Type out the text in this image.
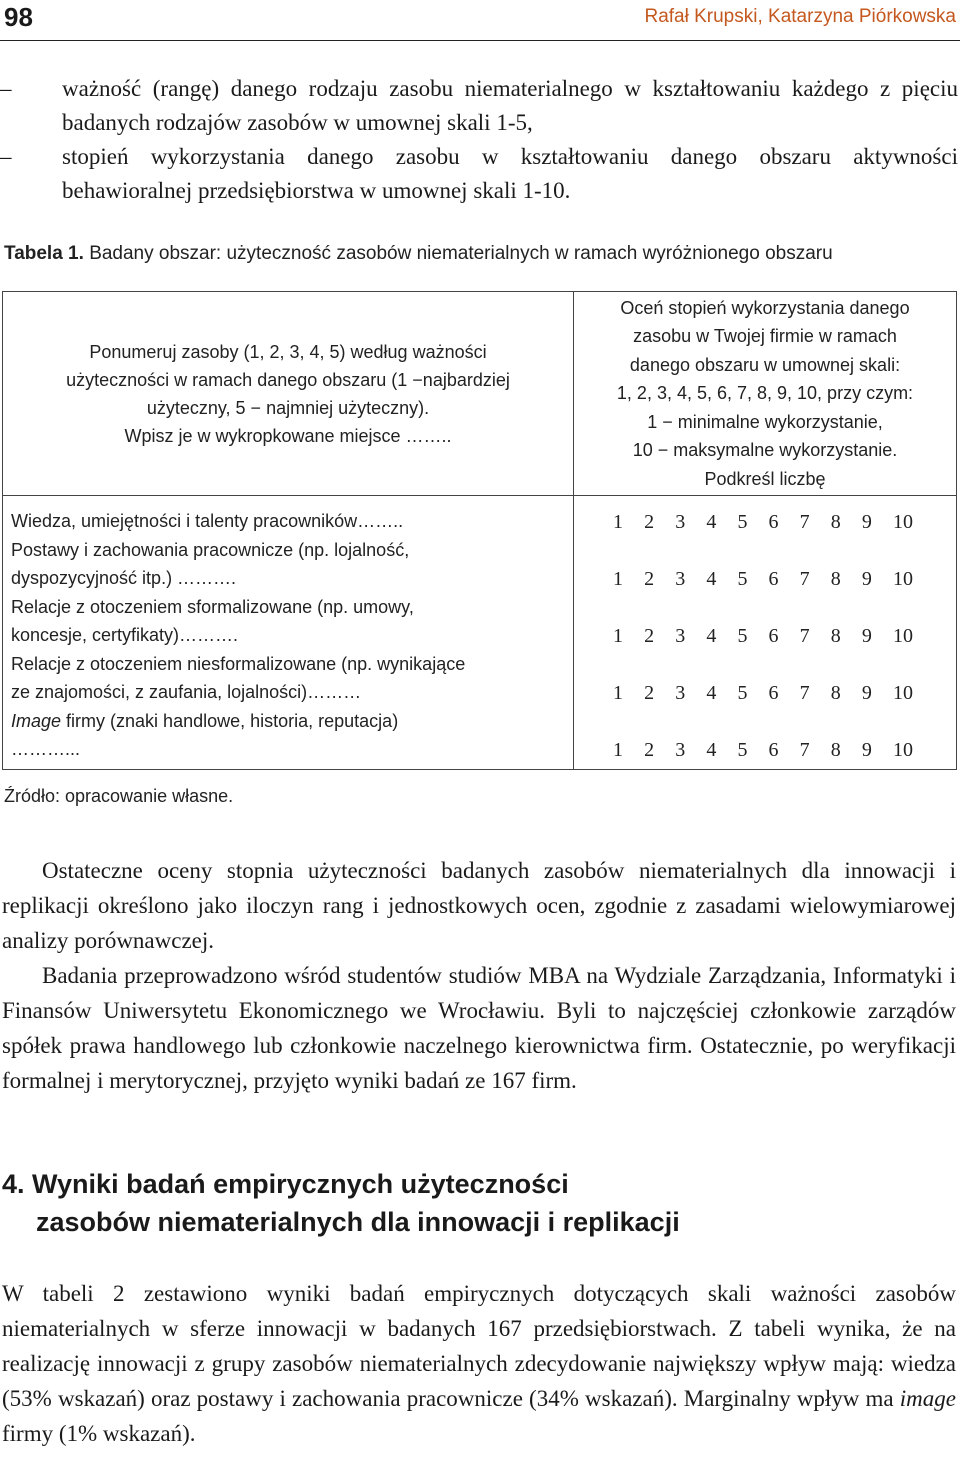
98	Rafał Krupski, Katarzyna Piórkowska

– ważność (rangę) danego rodzaju zasobu niematerialnego w kształtowaniu każdego z pięciu badanych rodzajów zasobów w umownej skali 1-5,

– stopień wykorzystania danego zasobu w kształtowaniu danego obszaru aktywności behawioralnej przedsiębiorstwa w umownej skali 1-10.

Tabela 1. Badany obszar: użyteczność zasobów niematerialnych w ramach wyróżnionego obszaru
Ponumeruj zasoby (1, 2, 3, 4, 5) według ważności
użyteczności w ramach danego obszaru (1 −najbardziej
użyteczny, 5 − najmniej użyteczny).
Wpisz je w wykropkowane miejsce ……..
Oceń stopień wykorzystania danego
zasobu w Twojej firmie w ramach
danego obszaru w umownej skali:
1, 2, 3, 4, 5, 6, 7, 8, 9, 10, przy czym:
1 − minimalne wykorzystanie,
10 − maksymalne wykorzystanie.
Podkreśl liczbę
Wiedza, umiejętności i talenty pracowników……..
Postawy i zachowania pracownicze (np. lojalność,
dyspozycyjność itp.) ……….
Relacje z otoczeniem sformalizowane (np. umowy,
koncesje, certyfikaty)……….
Relacje z otoczeniem niesformalizowane (np. wynikające
ze znajomości, z zaufania, lojalności)………
Image firmy (znaki handlowe, historia, reputacja)
………...
1 2 3 4 5 6 7 8 9 10
1 2 3 4 5 6 7 8 9 10
1 2 3 4 5 6 7 8 9 10
1 2 3 4 5 6 7 8 9 10
1 2 3 4 5 6 7 8 9 10
Źródło: opracowanie własne.

Ostateczne oceny stopnia użyteczności badanych zasobów niematerialnych dla innowacji i replikacji określono jako iloczyn rang i jednostkowych ocen, zgodnie z zasadami wielowymiarowej analizy porównawczej.

Badania przeprowadzono wśród studentów studiów MBA na Wydziale Zarządzania, Informatyki i Finansów Uniwersytetu Ekonomicznego we Wrocławiu. Byli to najczęściej członkowie zarządów spółek prawa handlowego lub członkowie naczelnego kierownictwa firm. Ostatecznie, po weryfikacji formalnej i merytorycznej, przyjęto wyniki badań ze 167 firm.

4. Wyniki badań empirycznych użyteczności
zasobów niematerialnych dla innowacji i replikacji

W tabeli 2 zestawiono wyniki badań empirycznych dotyczących skali ważności zasobów niematerialnych w sferze innowacji w badanych 167 przedsiębiorstwach. Z tabeli wynika, że na realizację innowacji z grupy zasobów niematerialnych zdecydowanie największy wpływ mają: wiedza (53% wskazań) oraz postawy i zachowania pracownicze (34% wskazań). Marginalny wpływ ma image firmy (1% wskazań).
